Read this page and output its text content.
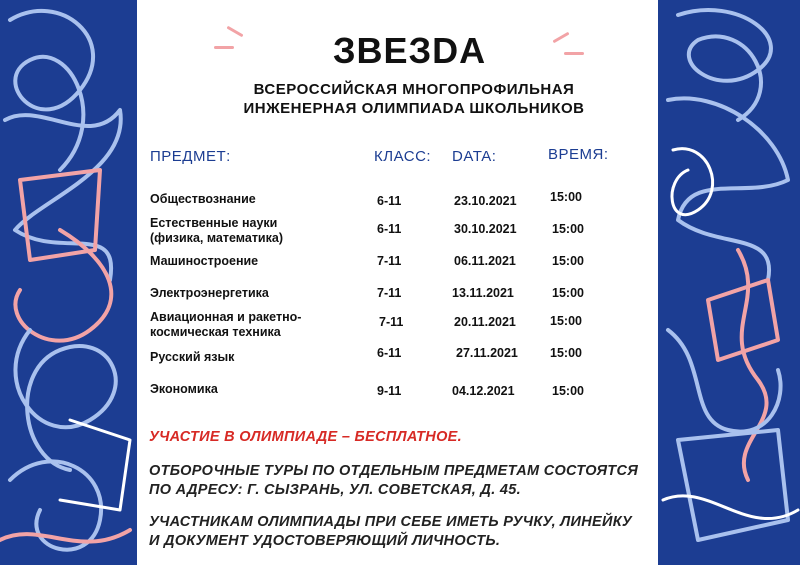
ЗВЕЗDA
ВСЕРОССИЙСКАЯ МНОГОПРОФИЛЬНАЯ
ИНЖЕНЕРНАЯ ОЛИМПИАDA ШКОЛЬНИКОВ
ПРЕДМЕТ:	КЛАСС: DATA:	ВРЕМЯ:
Обществознание	6-11	23.10.2021	15:00
Естественные науки
(физика, математика)
6-11	30.10.2021	15:00
Машиностроение	7-11	06.11.2021	15:00
Электроэнергетика	7-11	13.11.2021	15:00
Авиационная и ракетно-
космическая техника
7-11	20.11.2021	15:00
Русский язык	6-11	27.11.2021	15:00
Экономика	9-11	04.12.2021	15:00
УЧАСТИЕ В ОЛИМПИАДЕ – БЕСПЛАТНОЕ.
ОТБОРОЧНЫЕ ТУРЫ ПО ОТДЕЛЬНЫМ ПРЕДМЕТАМ СОСТОЯТСЯ
ПО АДРЕСУ: Г. СЫЗРАНЬ, УЛ. СОВЕТСКАЯ, Д. 45.
УЧАСТНИКАМ ОЛИМПИАДЫ ПРИ СЕБЕ ИМЕТЬ РУЧКУ, ЛИНЕЙКУ
И ДОКУМЕНТ УДОСТОВЕРЯЮЩИЙ ЛИЧНОСТЬ.
